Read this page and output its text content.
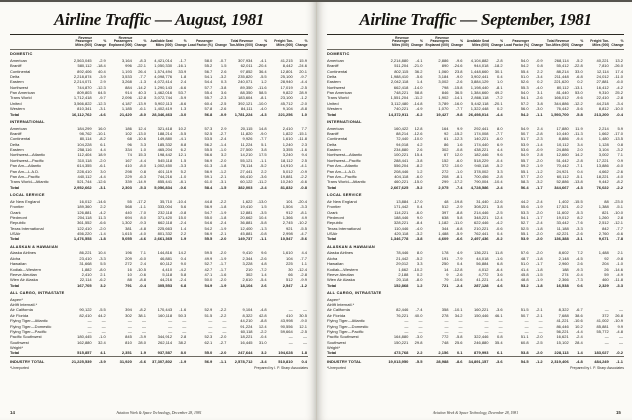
Airline Traffic — August, 1981
	Revenue Passenger Miles (000)	% Change	Revenue Passengers Enplaned (000)	% Change	Available Seat Miles (000)	% Change	Passenger Load Factor (%)	Change	Total Revenue Ton-Miles (000)	% Change	Freight Ton-Miles (000)	% Change
DOMESTIC												
American	2,563,045	-2.9	3,164	-8.3	4,421,014	-1.7	58.0	-0.7	307,934	-4.1	41,215	15.9
Braniff	580,112	-18.4	996	-22.1	1,050,330	-16.1	55.2	1.5	62,011	-20.4	8,442	-24.6
Continental	892,406	40.4	1,193	26.4	1,574,494	33.9	56.7	2.6	97,852	36.4	12,801	20.1
Delta	2,218,874	-3.9	3,533	-7.7	4,098,776	1.8	54.1	-3.2	235,820	-5.5	25,100	-9.7
Eastern	2,214,071	2.9	3,268	-1.3	4,072,414	2.4	54.4	0.3	240,071	1.2	28,940	-4.4
Northwest	744,870	-12.3	884	-14.2	1,290,143	-6.6	57.7	-3.8	89,350	-11.6	17,019	-2.5
Pan American	809,803	64.5	914	40.3	1,462,016	53.7	55.4	3.6	88,350	58.5	9,822	28.9
Trans World	1,712,418	-9.7	2,096	-12.8	3,072,744	-5.9	55.7	-2.3	183,604	-8.1	23,100	-1.2
United	3,566,822	-12.3	4,187	-13.9	5,902,113	-8.6	60.4	-2.5	392,121	-10.0	45,712	-2.0
Western	810,341	-3.1	1,185	-6.1	1,402,419	1.3	57.8	-2.6	84,111	-4.0	9,104	-8.8
Total	16,112,762	-4.6	21,420	-8.0	28,346,463	-3.0	56.8	-0.9	1,781,224	-4.3	221,256	1.0
INTERNATIONAL												
American	184,299	16.0	186	12.4	321,418	10.2	57.3	2.9	20,115	14.8	2,410	7.7
Braniff	98,762	-10.1	102	-13.0	188,214	-5.5	52.5	-2.7	11,820	-9.0	1,822	-15.1
Continental	80,114	-8.2	68	-10.6	149,880	-4.1	53.5	-2.4	9,926	-7.7	1,610	-11.8
Delta	104,228	6.1	96	3.3	185,332	8.8	56.2	-1.4	11,224	5.1	1,240	2.3
Eastern	258,116	4.4	334	1.0	465,204	6.2	55.5	-1.0	27,500	3.8	3,355	-1.6
Northwest—Atlantic	112,404	18.9	74	15.3	198,442	12.1	56.6	3.2	14,210	17.5	3,240	9.4
Northwest—Pacific	310,118	-2.0	167	-4.4	545,118	1.5	56.9	-2.0	55,121	-1.1	18,112	2.5
Pan Am—Atlantic	614,355	-6.1	410	-8.0	1,002,450	-3.3	61.3	-1.8	78,114	-5.2	14,910	-4.1
Pan Am—L.A.D.	228,410	3.0	298	0.8	401,119	5.2	56.9	-1.2	27,441	2.2	5,012	-0.9
Pan Am—Pacific	440,112	-4.4	229	-6.3	744,216	-1.0	59.1	-2.1	66,410	-3.6	19,881	-2.2
Trans World—Atlantic	521,744	-12.6	339	-14.9	855,441	-8.1	61.0	-3.1	60,122	-11.2	10,240	-6.6
Total	2,952,662	-3.1	2,303	-5.3	5,056,834	-0.6	58.4	-1.5	382,003	-2.4	81,832	-0.8
LOCAL SERVICE												
Air New England	16,012	-14.6	55	-17.2	35,710	-10.4	44.8	-2.2	1,622	-13.0	101	-20.4
Frontier	189,360	2.2	568	-1.1	333,004	5.6	56.9	-1.8	19,410	1.5	1,504	-3.3
Ozark	126,881	-4.2	440	-7.0	232,118	-0.8	54.7	-1.9	12,881	-3.5	912	-8.1
Piedmont	204,118	11.3	694	8.0	371,420	15.0	55.0	-1.8	20,662	10.4	1,366	4.9
Republic	361,552	-6.6	1,302	-9.3	662,118	-2.4	54.6	-2.4	36,881	-5.8	2,745	-10.2
Texas International	122,410	-2.0	381	-4.8	225,663	1.4	54.2	-1.9	12,400	-1.3	921	-5.5
USAir	456,220	-1.4	1,615	-4.0	801,332	2.2	56.9	-2.1	45,881	-0.8	2,998	-4.7
Total	1,476,553	-1.8	5,055	-4.6	2,661,365	1.9	55.5	-2.0	149,737	-1.1	10,547	-5.6
ALASKAN & HAWAIIAN												
Alaska Airlines	86,221	10.4	196	7.1	144,816	14.2	59.5	-2.0	9,410	9.6	1,610	4.4
Aloha	23,410	-3.3	209	-6.0	46,881	0.4	49.9	-1.9	2,344	-2.6	104	-7.7
Hawaiian	31,668	5.5	272	2.4	60,112	9.0	52.7	-1.7	3,228	4.8	225	1.1
Kodiak—Western	1,882	-8.0	16	-10.5	4,410	-4.2	42.7	-1.7	210	-7.2	30	-12.4
Reeve Aleutian	2,410	2.1	10	-0.6	5,118	5.8	47.1	-1.6	302	1.4	66	-2.8
Wien Air Alaska	22,114	-6.2	88	-8.8	44,216	-2.4	50.0	-2.0	2,610	-5.4	512	-9.9
Total	167,705	3.2	791	-0.4	305,553	6.8	54.9	-1.9	18,104	2.6	2,547	-1.2
ALL CARGO, INTRASTATE												
Aspen*												
Airlift Internatl.*												
Air California	90,122	-5.5	394	-8.2	170,443	-1.6	52.9	-2.2	9,104	-4.8	—	—
Air Florida	82,410	44.2	302	38.1	160,118	50.3	51.5	-2.2	8,322	42.8	410	30.5
Flying Tiger—Atlantic	—	—	—	—	—	—	—	—	44,210	-8.8	43,998	-9.0
Flying Tiger—Domestic	—	—	—	—	—	—	—	—	91,224	12.4	90,556	12.1
Flying Tiger—Pacific	—	—	—	—	—	—	—	—	60,118	-2.2	59,664	-2.5
Pacific Southwest	180,445	-1.0	845	-3.9	344,912	2.8	52.3	-2.0	18,221	-0.4	—	—
Southwest	162,880	32.4	810	28.0	262,114	38.2	62.1	-2.7	16,445	31.0	—	—
Wright*												
Total	515,857	4.1	2,351	1.9	937,587	8.0	55.0	-2.0	247,644	3.2	194,628	1.8
INDUSTRY TOTAL	21,225,539	-3.9	31,920	-6.6	37,307,802	-1.9	56.9	-1.1	2,578,712	-3.4	510,810	0.4
*Unreported	Prepared by I. P. Sharp Associates
14	Aviation Week & Space Technology, December 28, 1981
Airline Traffic — September, 1981
	Revenue Passenger Miles (000)	% Change	Revenue Passengers Enplaned (000)	% Change	Available Seat Miles (000)	% Change	Passenger Load Factor (%)	Change	Total Revenue Ton-Miles (000)	% Change	Freight Ton-Miles (000)	% Change
DOMESTIC												
American	2,214,880	-4.1	2,886	-9.6	4,104,882	-2.8	54.0	-0.9	268,114	-5.2	40,221	13.2
Braniff	511,204	-21.0	890	-24.6	944,018	-18.2	54.2	0.8	55,412	-22.8	7,810	-26.0
Continental	802,115	36.2	1,060	23.8	1,448,660	30.1	55.4	2.2	88,214	33.0	12,114	17.4
Delta	1,988,410	-5.6	3,184	-9.0	3,902,441	0.4	51.0	-3.4	211,448	-6.8	24,012	-11.0
Eastern	2,042,118	1.4	3,002	-2.6	3,884,129	1.0	52.6	0.2	221,620	0.2	27,881	-6.0
Northwest	662,418	-14.0	798	-15.8	1,198,440	-8.1	55.3	-4.0	80,112	-13.1	16,412	-4.2
Pan American	748,221	58.8	846	36.5	1,384,660	49.2	54.0	3.1	81,440	53.0	9,310	25.2
Trans World	1,551,204	-11.2	1,902	-14.1	2,866,118	-7.2	54.1	-2.6	166,012	-9.6	22,410	-2.8
United	3,112,480	-14.8	3,789	-16.0	5,442,118	-20.1	57.2	3.8	344,886	-12.2	44,218	-3.4
Western	740,221	-4.9	1,070	-7.7	1,322,448	0.2	56.0	-3.0	76,442	-5.6	8,812	-10.0
Total	14,372,911	-6.2	19,427	-9.8	26,498,014	-4.4	54.2	-1.1	1,593,700	-5.8	213,200	-0.4
INTERNATIONAL												
American	160,422	12.8	164	9.9	292,441	8.0	54.9	2.4	17,880	11.9	2,214	5.9
Braniff	88,214	-12.6	92	-15.2	174,008	-7.7	50.7	-2.8	10,440	-11.3	1,662	-17.0
Continental	72,440	-10.0	61	-12.3	140,221	-6.0	51.7	-2.3	8,886	-9.4	1,480	-13.5
Delta	94,018	4.2	86	1.6	174,440	6.9	53.9	-1.4	10,112	3.4	1,128	0.8
Eastern	234,880	2.6	302	-0.8	438,221	4.4	53.6	-0.9	24,886	2.0	3,104	-3.2
Northwest—Atlantic	100,221	15.4	67	12.0	182,446	9.6	54.9	2.8	12,660	14.2	3,002	7.1
Northwest—Pacific	288,441	-3.8	152	-6.0	518,229	-0.4	55.7	-2.0	51,442	-2.8	17,221	0.9
Pan Am—Atlantic	556,204	-8.2	372	-10.0	940,118	-5.2	59.2	-1.9	70,442	-7.1	13,886	-6.0
Pan Am—L.A.D.	208,446	1.2	272	-1.0	378,002	3.3	55.1	-1.2	24,921	0.4	4,662	-2.6
Pan Am—Pacific	404,118	-6.0	208	-8.1	700,456	-2.8	57.7	-2.0	60,112	-5.1	18,221	-4.0
Trans World—Atlantic	460,221	-15.0	299	-17.2	790,004	-10.4	58.3	-3.2	52,886	-13.8	9,442	-8.2
Total	2,667,625	-5.2	2,075	-7.4	4,728,586	-2.4	56.4	-1.7	344,667	-4.3	76,022	-2.2
LOCAL SERVICE												
Air New England	13,884	-17.0	48	-19.8	31,440	-12.6	44.2	-2.4	1,402	-15.5	88	-23.0
Frontier	171,442	0.4	512	-2.9	308,221	3.8	55.6	-1.9	17,521	-0.2	1,388	-5.1
Ozark	114,221	-6.0	397	-8.8	214,446	-2.5	53.3	-2.0	11,602	-5.3	821	-10.0
Piedmont	188,446	9.0	638	5.8	348,221	12.4	54.1	-1.7	19,012	8.2	1,260	2.8
Republic	328,221	-8.4	1,182	-11.0	622,446	-4.2	52.7	-2.4	33,442	-7.6	2,512	-12.1
Texas International	110,446	-4.0	344	-6.8	210,221	-0.6	52.5	-1.8	11,188	-3.3	842	-7.7
USAir	420,118	-3.2	1,488	-5.9	762,441	0.4	55.1	-2.0	42,221	-2.6	2,760	-6.6
Total	1,346,778	-3.8	4,609	-6.6	2,497,436	-0.2	53.9	-2.0	136,388	-3.1	9,671	-7.8
ALASKAN & HAWAIIAN												
Alaska Airlines	78,446	8.0	178	4.9	136,221	11.8	57.6	-2.0	8,602	7.2	1,488	2.1
Aloha	21,442	-5.2	191	-7.9	44,018	-1.6	48.7	-1.8	2,148	-4.5	92	-9.8
Hawaiian	29,012	3.3	250	0.4	56,884	6.8	51.0	-1.7	2,960	2.6	204	-1.0
Kodiak—Western	1,662	-10.2	14	-12.8	4,012	-6.4	41.4	-1.8	188	-9.3	26	-14.6
Reeve Aleutian	2,188	0.2	9	-2.6	4,772	3.6	45.8	-1.5	274	-0.4	59	-4.9
Wien Air Alaska	20,118	-8.0	79	-10.6	41,221	-4.4	48.8	-1.9	2,366	-7.3	460	-11.8
Total	152,868	1.2	721	-2.4	287,128	4.6	53.2	-1.8	16,538	0.6	2,329	-3.3
ALL CARGO, INTRASTATE												
Aspen*												
Airlift Internatl.*												
Air California	82,446	-7.4	358	-10.1	160,221	-3.6	51.5	-2.1	8,322	-6.7	—	—
Air Florida	76,221	40.0	278	34.2	150,446	46.1	50.7	-2.1	7,688	38.6	372	26.8
Flying Tiger—Atlantic	—	—	—	—	—	—	—	—	41,221	-10.6	41,002	-10.9
Flying Tiger—Domestic	—	—	—	—	—	—	—	—	86,446	10.2	85,881	9.9
Flying Tiger—Pacific	—	—	—	—	—	—	—	—	56,221	-4.4	55,772	-4.8
Pacific Southwest	164,880	-3.0	772	-5.8	322,446	0.8	51.1	-2.0	16,621	-2.4	—	—
Southwest	150,221	29.8	748	25.6	246,880	35.4	60.8	-2.5	15,102	28.4	—	—
Wright*												
Total	473,768	2.2	2,156	0.1	879,993	6.1	53.8	-2.0	228,113	1.4	183,027	-0.2
INDUSTRY TOTAL	19,013,950	-5.5	28,988	-8.6	34,891,157	-3.6	54.5	-1.2	2,319,406	-4.8	484,249	-1.1
*Unreported	Prepared by I. P. Sharp Associates
Aviation Week & Space Technology, December 28, 1981	15
